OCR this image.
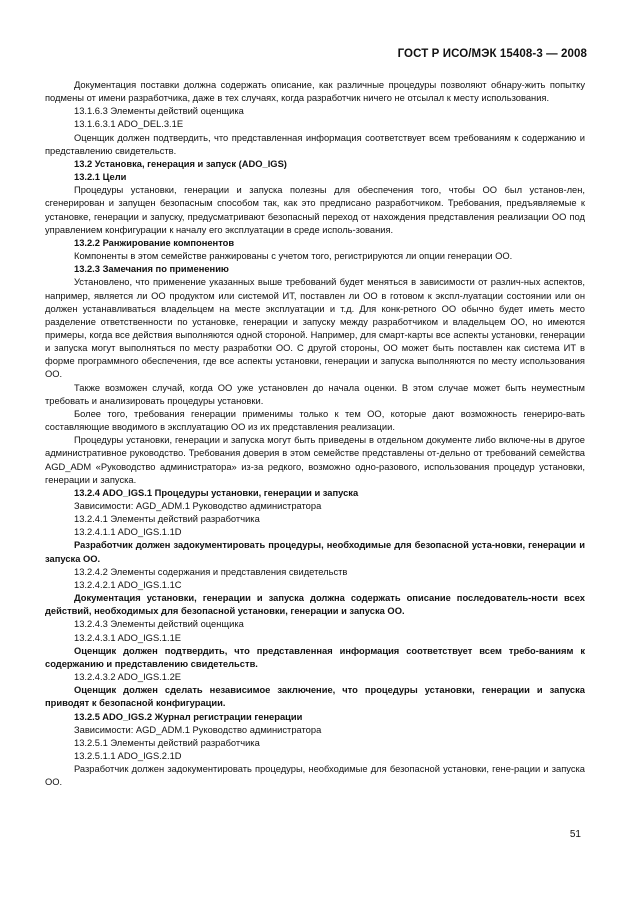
ГОСТ Р ИСО/МЭК 15408-3 — 2008

Документация поставки должна содержать описание, как различные процедуры позволяют обнару-жить попытку подмены от имени разработчика, даже в тех случаях, когда разработчик ничего не отсылал к месту использования.

13.1.6.3 Элементы действий оценщика

13.1.6.3.1 ADO_DEL.3.1E

Оценщик должен подтвердить, что представленная информация соответствует всем требованиям к содержанию и представлению свидетельств.

13.2 Установка, генерация и запуск (ADO_IGS)

13.2.1 Цели

Процедуры установки, генерации и запуска полезны для обеспечения того, чтобы ОО был установ-лен, сгенерирован и запущен безопасным способом так, как это предписано разработчиком. Требования, предъявляемые к установке, генерации и запуску, предусматривают безопасный переход от нахождения представления реализации ОО под управлением конфигурации к началу его эксплуатации в среде исполь-зования.

13.2.2 Ранжирование компонентов

Компоненты в этом семействе ранжированы с учетом того, регистрируются ли опции генерации ОО.

13.2.3 Замечания по применению

Установлено, что применение указанных выше требований будет меняться в зависимости от различ-ных аспектов, например, является ли ОО продуктом или системой ИТ, поставлен ли ОО в готовом к экспл-луатации состоянии или он должен устанавливаться владельцем на месте эксплуатации и т.д. Для конк-ретного ОО обычно будет иметь место разделение ответственности по установке, генерации и запуску между разработчиком и владельцем ОО, но имеются примеры, когда все действия выполняются одной стороной. Например, для смарт-карты все аспекты установки, генерации и запуска могут выполняться по месту разработки ОО. С другой стороны, ОО может быть поставлен как система ИТ в форме программного обеспечения, где все аспекты установки, генерации и запуска выполняются по месту использования ОО.

Также возможен случай, когда ОО уже установлен до начала оценки. В этом случае может быть неуместным требовать и анализировать процедуры установки.

Более того, требования генерации применимы только к тем ОО, которые дают возможность генериро-вать составляющие вводимого в эксплуатацию ОО из их представления реализации.

Процедуры установки, генерации и запуска могут быть приведены в отдельном документе либо включе-ны в другое административное руководство. Требования доверия в этом семействе представлены от-дельно от требований семейства AGD_ADM «Руководство администратора» из-за редкого, возможно одно-разового, использования процедур установки, генерации и запуска.

13.2.4 ADO_IGS.1 Процедуры установки, генерации и запуска

Зависимости: AGD_ADM.1 Руководство администратора

13.2.4.1 Элементы действий разработчика

13.2.4.1.1 ADO_IGS.1.1D

Разработчик должен задокументировать процедуры, необходимые для безопасной уста-новки, генерации и запуска ОО.

13.2.4.2 Элементы содержания и представления свидетельств

13.2.4.2.1 ADO_IGS.1.1C

Документация установки, генерации и запуска должна содержать описание последователь-ности всех действий, необходимых для безопасной установки, генерации и запуска ОО.

13.2.4.3 Элементы действий оценщика

13.2.4.3.1 ADO_IGS.1.1E

Оценщик должен подтвердить, что представленная информация соответствует всем требо-ваниям к содержанию и представлению свидетельств.

13.2.4.3.2 ADO_IGS.1.2E

Оценщик должен сделать независимое заключение, что процедуры установки, генерации и запуска приводят к безопасной конфигурации.

13.2.5 ADO_IGS.2 Журнал регистрации генерации

Зависимости: AGD_ADM.1 Руководство администратора

13.2.5.1 Элементы действий разработчика

13.2.5.1.1 ADO_IGS.2.1D

Разработчик должен задокументировать процедуры, необходимые для безопасной установки, гене-рации и запуска ОО.

51
